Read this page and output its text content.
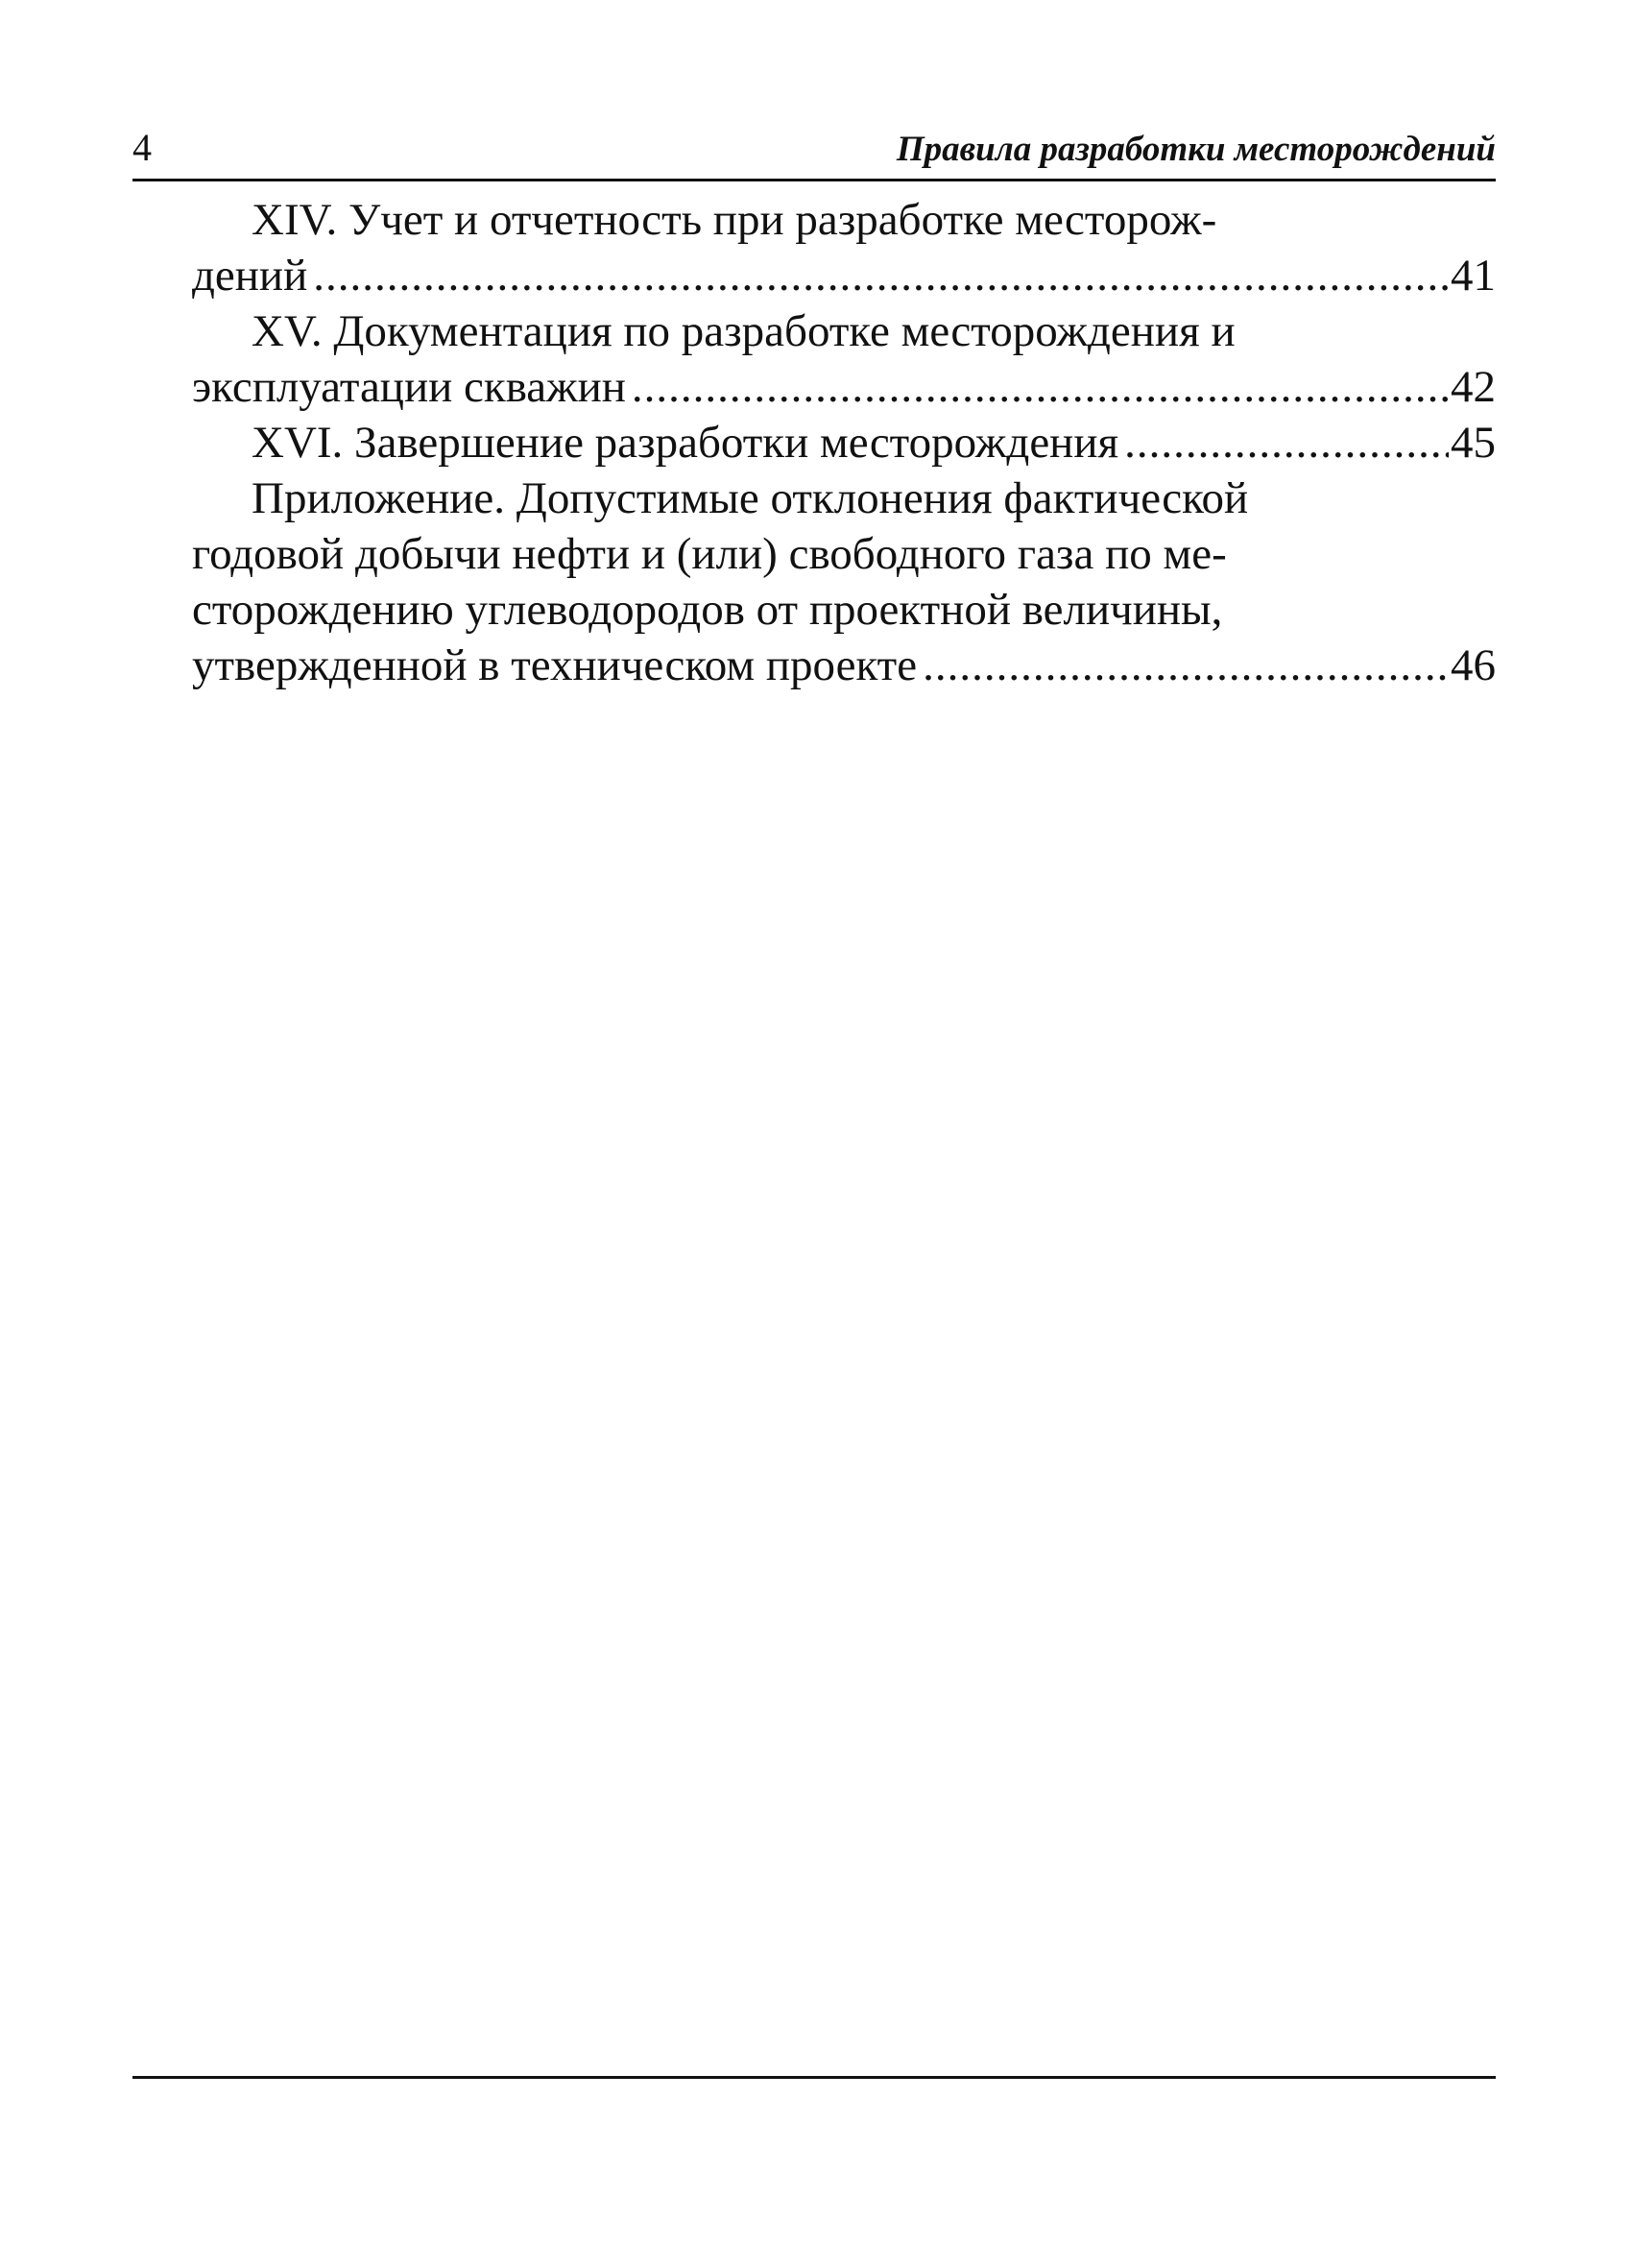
4	Правила разработки месторождений
XIV. Учет и отчетность при разработке месторож-
дений .....	41
XV. Документация по разработке месторождения и
эксплуатации скважин .....	42
XVI. Завершение разработки месторождения .....	45
Приложение. Допустимые отклонения фактической
годовой добычи нефти и (или) свободного газа по ме-
сторождению углеводородов от проектной величины,
утвержденной в техническом проекте .....	46
